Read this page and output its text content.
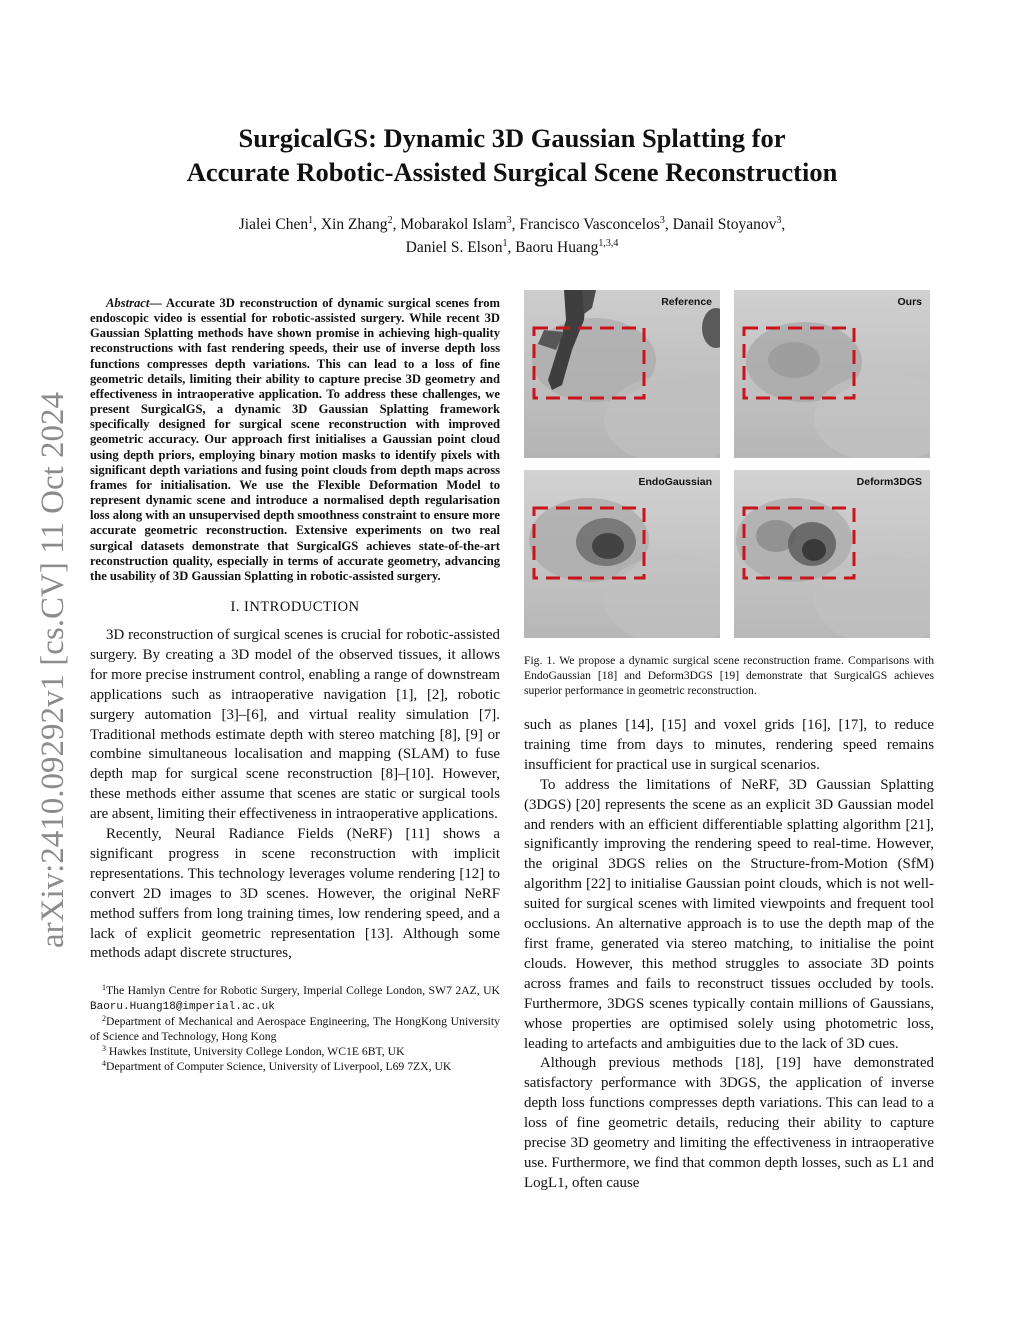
arXiv:2410.09292v1 [cs.CV] 11 Oct 2024
SurgicalGS: Dynamic 3D Gaussian Splatting for
Accurate Robotic-Assisted Surgical Scene Reconstruction
Jialei Chen$^1$, Xin Zhang$^2$, Mobarakol Islam$^3$, Francisco Vasconcelos$^3$, Danail Stoyanov$^3$,
Daniel S. Elson$^1$, Baoru Huang$^{1,3,4}$

Abstract— Accurate 3D reconstruction of dynamic surgical scenes from endoscopic video is essential for robotic-assisted surgery. While recent 3D Gaussian Splatting methods have shown promise in achieving high-quality reconstructions with fast rendering speeds, their use of inverse depth loss functions compresses depth variations. This can lead to a loss of fine geometric details, limiting their ability to capture precise 3D geometry and effectiveness in intraoperative application. To address these challenges, we present SurgicalGS, a dynamic 3D Gaussian Splatting framework specifically designed for surgical scene reconstruction with improved geometric accuracy. Our approach first initialises a Gaussian point cloud using depth priors, employing binary motion masks to identify pixels with significant depth variations and fusing point clouds from depth maps across frames for initialisation. We use the Flexible Deformation Model to represent dynamic scene and introduce a normalised depth regularisation loss along with an unsupervised depth smoothness constraint to ensure more accurate geometric reconstruction. Extensive experiments on two real surgical datasets demonstrate that SurgicalGS achieves state-of-the-art reconstruction quality, especially in terms of accurate geometry, advancing the usability of 3D Gaussian Splatting in robotic-assisted surgery.

I. INTRODUCTION

3D reconstruction of surgical scenes is crucial for robotic-assisted surgery. By creating a 3D model of the observed tissues, it allows for more precise instrument control, enabling a range of downstream applications such as intraoperative navigation [1], [2], robotic surgery automation [3]–[6], and virtual reality simulation [7]. Traditional methods estimate depth with stereo matching [8], [9] or combine simultaneous localisation and mapping (SLAM) to fuse depth map for surgical scene reconstruction [8]–[10]. However, these methods either assume that scenes are static or surgical tools are absent, limiting their effectiveness in intraoperative applications.

Recently, Neural Radiance Fields (NeRF) [11] shows a significant progress in scene reconstruction with implicit representations. This technology leverages volume rendering [12] to convert 2D images to 3D scenes. However, the original NeRF method suffers from long training times, low rendering speed, and a lack of explicit geometric representation [13]. Although some methods adapt discrete structures,

$^1$The Hamlyn Centre for Robotic Surgery, Imperial College London, SW7 2AZ, UK Baoru.Huang18@imperial.ac.uk

$^2$Department of Mechanical and Aerospace Engineering, The HongKong University of Science and Technology, Hong Kong

$^3$ Hawkes Institute, University College London, WC1E 6BT, UK

$^4$Department of Computer Science, University of Liverpool, L69 7ZX, UK

Reference	Ours
EndoGaussian	Deform3DGS

Fig. 1. We propose a dynamic surgical scene reconstruction frame. Comparisons with EndoGaussian [18] and Deform3DGS [19] demonstrate that SurgicalGS achieves superior performance in geometric reconstruction.

such as planes [14], [15] and voxel grids [16], [17], to reduce training time from days to minutes, rendering speed remains insufficient for practical use in surgical scenarios.

To address the limitations of NeRF, 3D Gaussian Splatting (3DGS) [20] represents the scene as an explicit 3D Gaussian model and renders with an efficient differentiable splatting algorithm [21], significantly improving the rendering speed to real-time. However, the original 3DGS relies on the Structure-from-Motion (SfM) algorithm [22] to initialise Gaussian point clouds, which is not well-suited for surgical scenes with limited viewpoints and frequent tool occlusions. An alternative approach is to use the depth map of the first frame, generated via stereo matching, to initialise the point clouds. However, this method struggles to associate 3D points across frames and fails to reconstruct tissues occluded by tools. Furthermore, 3DGS scenes typically contain millions of Gaussians, whose properties are optimised solely using photometric loss, leading to artefacts and ambiguities due to the lack of 3D cues.

Although previous methods [18], [19] have demonstrated satisfactory performance with 3DGS, the application of inverse depth loss functions compresses depth variations. This can lead to a loss of fine geometric details, reducing their ability to capture precise 3D geometry and limiting the effectiveness in intraoperative use. Furthermore, we find that common depth losses, such as L1 and LogL1, often cause
